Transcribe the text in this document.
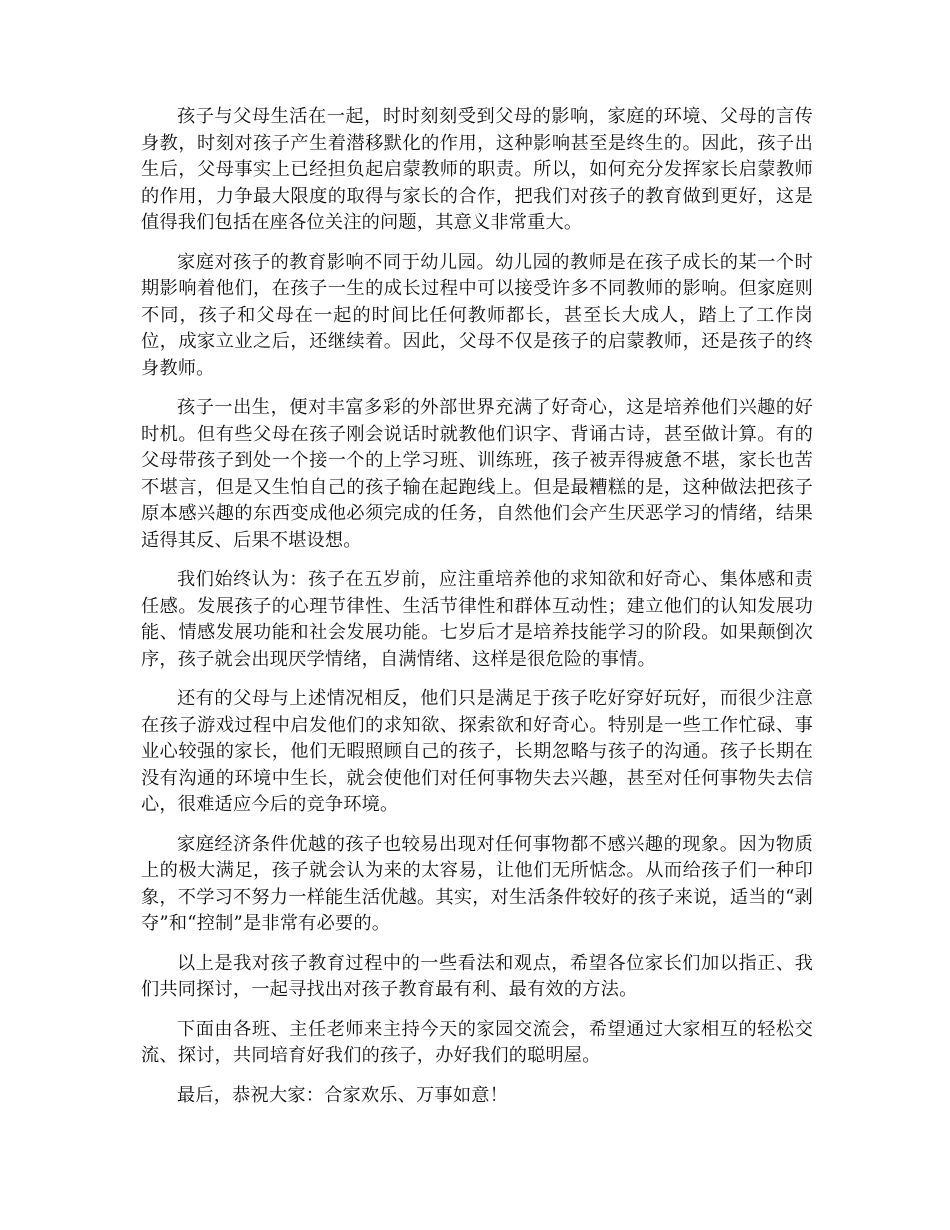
孩子与父母生活在一起，时时刻刻受到父母的影响，家庭的环境、父母的言传身教，时刻对孩子产生着潜移默化的作用，这种影响甚至是终生的。因此，孩子出生后，父母事实上已经担负起启蒙教师的职责。所以，如何充分发挥家长启蒙教师的作用，力争最大限度的取得与家长的合作，把我们对孩子的教育做到更好，这是值得我们包括在座各位关注的问题，其意义非常重大。

家庭对孩子的教育影响不同于幼儿园。幼儿园的教师是在孩子成长的某一个时期影响着他们，在孩子一生的成长过程中可以接受许多不同教师的影响。但家庭则不同，孩子和父母在一起的时间比任何教师都长，甚至长大成人，踏上了工作岗位，成家立业之后，还继续着。因此，父母不仅是孩子的启蒙教师，还是孩子的终身教师。

孩子一出生，便对丰富多彩的外部世界充满了好奇心，这是培养他们兴趣的好时机。但有些父母在孩子刚会说话时就教他们识字、背诵古诗，甚至做计算。有的父母带孩子到处一个接一个的上学习班、训练班，孩子被弄得疲惫不堪，家长也苦不堪言，但是又生怕自己的孩子输在起跑线上。但是最糟糕的是，这种做法把孩子原本感兴趣的东西变成他必须完成的任务，自然他们会产生厌恶学习的情绪，结果适得其反、后果不堪设想。

我们始终认为：孩子在五岁前，应注重培养他的求知欲和好奇心、集体感和责任感。发展孩子的心理节律性、生活节律性和群体互动性；建立他们的认知发展功能、情感发展功能和社会发展功能。七岁后才是培养技能学习的阶段。如果颠倒次序，孩子就会出现厌学情绪，自满情绪、这样是很危险的事情。

还有的父母与上述情况相反，他们只是满足于孩子吃好穿好玩好，而很少注意在孩子游戏过程中启发他们的求知欲、探索欲和好奇心。特别是一些工作忙碌、事业心较强的家长，他们无暇照顾自己的孩子，长期忽略与孩子的沟通。孩子长期在没有沟通的环境中生长，就会使他们对任何事物失去兴趣，甚至对任何事物失去信心，很难适应今后的竞争环境。

家庭经济条件优越的孩子也较易出现对任何事物都不感兴趣的现象。因为物质上的极大满足，孩子就会认为来的太容易，让他们无所惦念。从而给孩子们一种印象，不学习不努力一样能生活优越。其实，对生活条件较好的孩子来说，适当的“剥夺”和“控制”是非常有必要的。

以上是我对孩子教育过程中的一些看法和观点，希望各位家长们加以指正、我们共同探讨，一起寻找出对孩子教育最有利、最有效的方法。

下面由各班、主任老师来主持今天的家园交流会，希望通过大家相互的轻松交流、探讨，共同培育好我们的孩子，办好我们的聪明屋。

最后，恭祝大家：合家欢乐、万事如意！
